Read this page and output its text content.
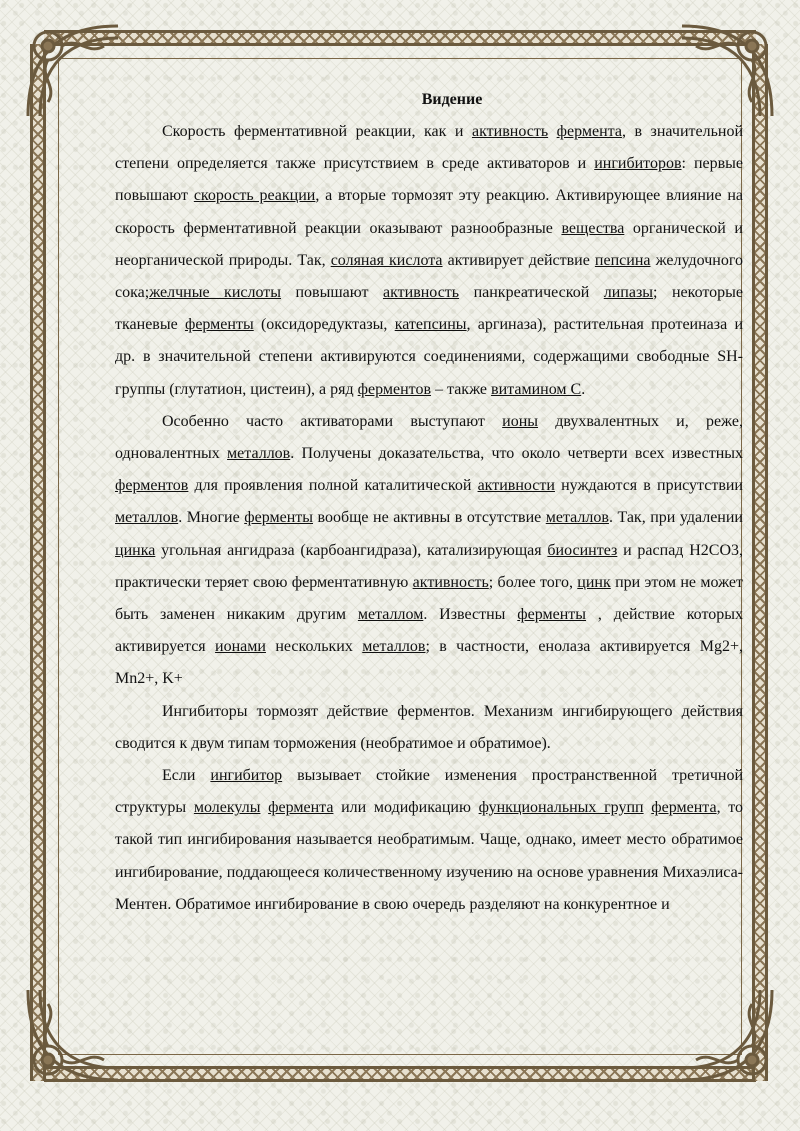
Видение

Скорость ферментативной реакции, как и активность фермента, в значительной степени определяется также присутствием в среде активаторов и ингибиторов: первые повышают скорость реакции, а вторые тормозят эту реакцию. Активирующее влияние на скорость ферментативной реакции оказывают разнообразные вещества органической и неорганической природы. Так, соляная кислота активирует действие пепсина желудочного сока;желчные кислоты повышают активность панкреатической липазы; некоторые тканевые ферменты (оксидоредуктазы, катепсины, аргиназа), растительная протеиназа и др. в значительной степени активируются соединениями, содержащими свободные SH-группы (глутатион, цистеин), а ряд ферментов – также витамином С.

Особенно часто активаторами выступают ионы двухвалентных и, реже, одновалентных металлов. Получены доказательства, что около четверти всех известных ферментов для проявления полной каталитической активности нуждаются в присутствии металлов. Многие ферменты вообще не активны в отсутствие металлов. Так, при удалении цинка угольная ангидраза (карбоангидраза), катализирующая биосинтез и распад H2CO3, практически теряет свою ферментативную активность; более того, цинк при этом не может быть заменен никаким другим металлом. Известны ферменты , действие которых активируется ионами нескольких металлов; в частности, енолаза активируется Mg2+, Mn2+, K+

Ингибиторы тормозят действие ферментов. Механизм ингибирующего действия сводится к двум типам торможения (необратимое и обратимое).

Если ингибитор вызывает стойкие изменения пространственной третичной структуры молекулы фермента или модификацию функциональных групп фермента, то такой тип ингибирования называется необратимым. Чаще, однако, имеет место обратимое ингибирование, поддающееся количественному изучению на основе уравнения Михаэлиса-Ментен. Обратимое ингибирование в свою очередь разделяют на конкурентное и
